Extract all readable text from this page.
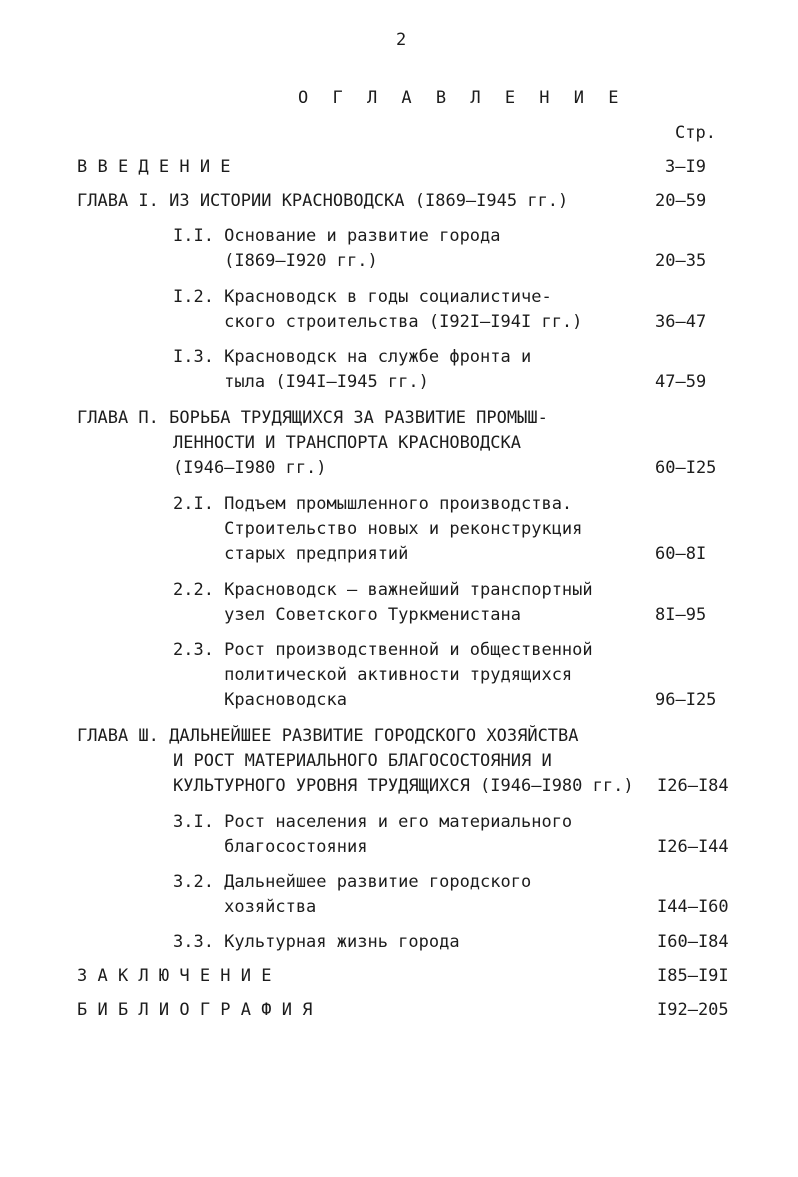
2
О Г Л А В Л Е Н И Е
Стр.
В В Е Д Е Н И Е	3–I9
ГЛАВА I. ИЗ ИСТОРИИ КРАСНОВОДСКА (I869–I945 гг.)	20–59
I.I. Основание и развитие города
(I869–I920 гг.)	20–35
I.2. Красноводск в годы социалистиче-
ского строительства (I92I–I94I гг.)	36–47
I.3. Красноводск на службе фронта и
тыла (I94I–I945 гг.)	47–59
ГЛАВА П. БОРЬБА ТРУДЯЩИХСЯ ЗА РАЗВИТИЕ ПРОМЫШ-
ЛЕННОСТИ И ТРАНСПОРТА КРАСНОВОДСКА
(I946–I980 гг.)	60–I25
2.I. Подъем промышленного производства.
Строительство новых и реконструкция
старых предприятий	60–8I
2.2. Красноводск – важнейший транспортный
узел Советского Туркменистана	8I–95
2.3. Рост производственной и общественной
политической активности трудящихся
Красноводска	96–I25
ГЛАВА Ш. ДАЛЬНЕЙШЕЕ РАЗВИТИЕ ГОРОДСКОГО ХОЗЯЙСТВА
И РОСТ МАТЕРИАЛЬНОГО БЛАГОСОСТОЯНИЯ И
КУЛЬТУРНОГО УРОВНЯ ТРУДЯЩИХСЯ (I946–I980 гг.) I26–I84
3.I. Рост населения и его материального
благосостояния	I26–I44
3.2. Дальнейшее развитие городского
хозяйства	I44–I60
3.3. Культурная жизнь города	I60–I84
З А К Л Ю Ч Е Н И Е	I85–I9I
Б И Б Л И О Г Р А Ф И Я	I92–205
